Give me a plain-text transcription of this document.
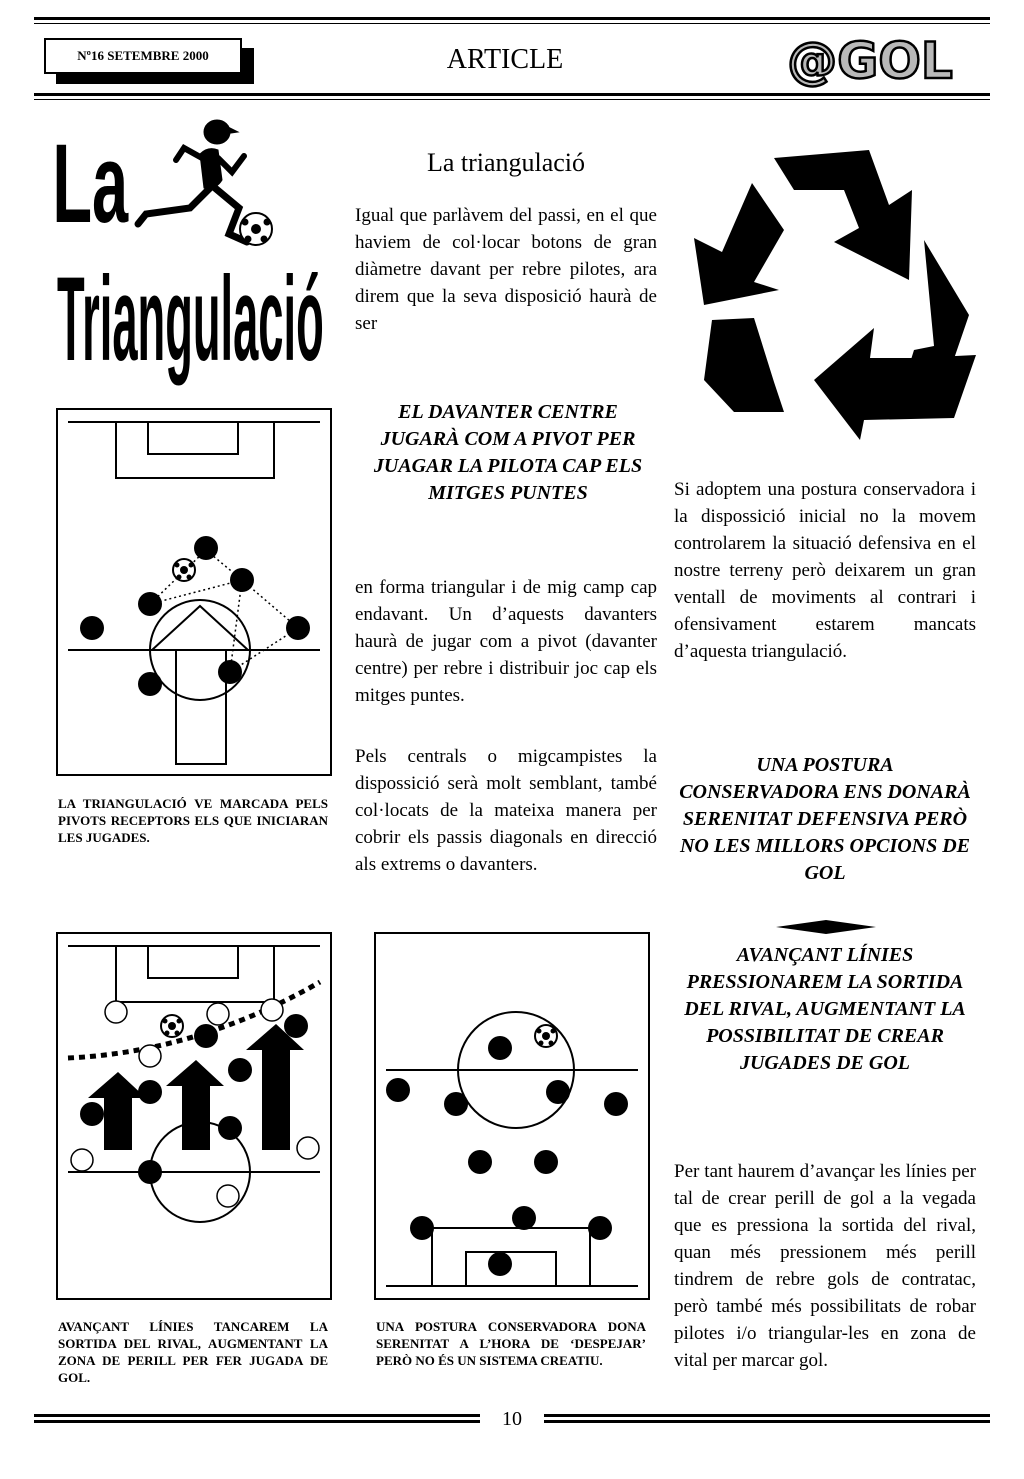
Nº16 SETEMBRE 2000	ARTICLE	@GOL
La
Triangulació
La triangulació
Igual que parlàvem del passi, en el que haviem de col·locar botons de gran diàmetre davant per rebre pilotes, ara direm que la seva disposició haurà de ser
EL DAVANTER CENTRE JUGARÀ COM A PIVOT PER JUAGAR LA PILOTA CAP ELS MITGES PUNTES	Si adoptem una postura conservadora i la dispossició inicial no la movem controlarem la situació defensiva en el nostre terreny però deixarem un gran ventall de moviments al contrari i ofensivament estarem mancats d’aquesta triangulació.
en forma triangular i de mig camp cap endavant. Un d’aquests davanters haurà de jugar com a pivot (davanter centre) per rebre i distribuir joc cap els mitges puntes.
Pels centrals o migcampistes la dispossició serà molt semblant, també col·locats de la mateixa manera per cobrir els passis diagonals en direcció als extrems o davanters.
LA TRIANGULACIÓ VE MARCADA PELS PIVOTS RECEPTORS ELS QUE INICIARAN LES JUGADES.
UNA POSTURA CONSERVADORA ENS DONARÀ SERENITAT DEFENSIVA PERÒ NO LES MILLORS OPCIONS DE GOL
AVANÇANT LÍNIES PRESSIONAREM LA SORTIDA DEL RIVAL, AUGMENTANT LA POSSIBILITAT DE CREAR JUGADES DE GOL
Per tant haurem d’avançar les línies per tal de crear perill de gol a la vegada que es pressiona la sortida del rival, quan més pressionem més perill tindrem de rebre gols de contratac, però també més possibilitats de robar pilotes i/o triangular-les en zona de vital per marcar gol.
AVANÇANT LÍNIES TANCAREM LA SORTIDA DEL RIVAL, AUGMENTANT LA ZONA DE PERILL PER FER JUGADA DE GOL.
UNA POSTURA CONSERVADORA DONA SERENITAT A L’HORA DE ‘DESPEJAR’ PERÒ NO ÉS UN SISTEMA CREATIU.
10
